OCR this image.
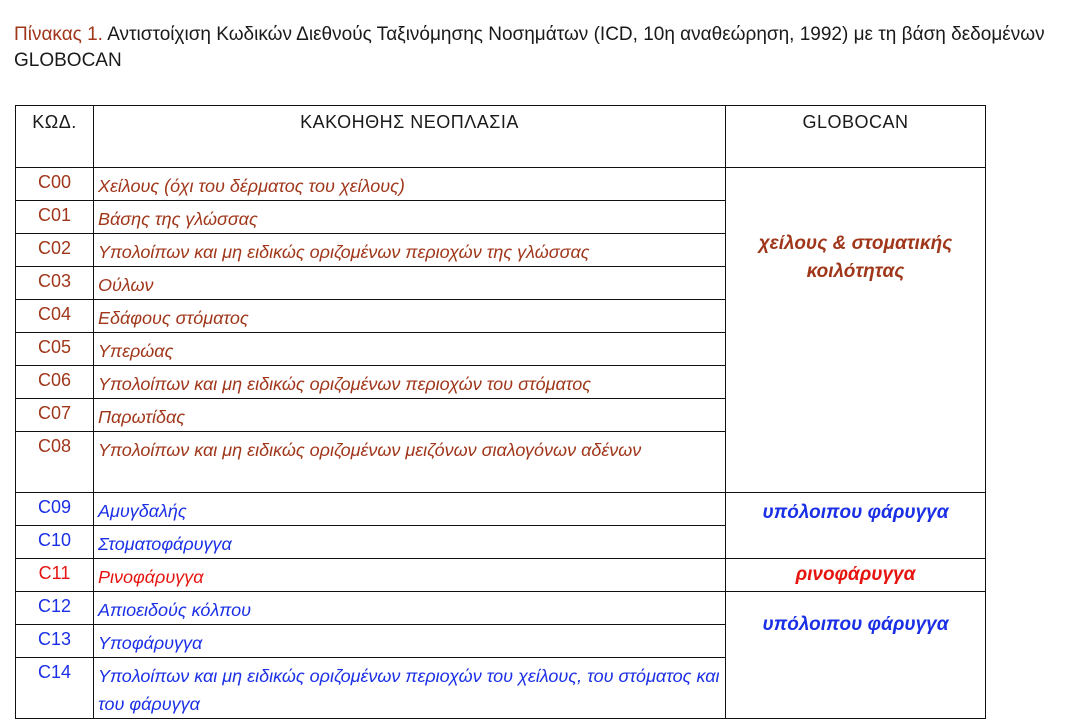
Πίνακας 1. Αντιστοίχιση Κωδικών Διεθνούς Ταξινόμησης Νοσημάτων (ICD, 10η αναθεώρηση, 1992) με τη βάση δεδομένων GLOBOCAN
ΚΩΔ.	ΚΑΚΟΗΘΗΣ ΝΕΟΠΛΑΣΙΑ	GLOBOCAN
C00	Χείλους (όχι του δέρματος του χείλους)	χείλους & στοματικής κοιλότητας

C01	Βάσης της γλώσσας	
C02	Υπολοίπων και μη ειδικώς οριζομένων περιοχών της γλώσσας	
C03	Ούλων	
C04	Εδάφους στόματος	
C05	Υπερώας	
C06	Υπολοίπων και μη ειδικώς οριζομένων περιοχών του στόματος	
C07	Παρωτίδας	
C08	Υπολοίπων και μη ειδικώς οριζομένων μειζόνων σιαλογόνων αδένων	
C09	Αμυγδαλής	υπόλοιπου φάρυγγα
C10	Στοματοφάρυγγα	
C11	Ρινοφάρυγγα	ρινοφάρυγγα
C12	Απιοειδούς κόλπου	υπόλοιπου φάρυγγα

C13	Υποφάρυγγα	
C14	Υπολοίπων και μη ειδικώς οριζομένων περιοχών του χείλους, του στόματος και του φάρυγγα	
